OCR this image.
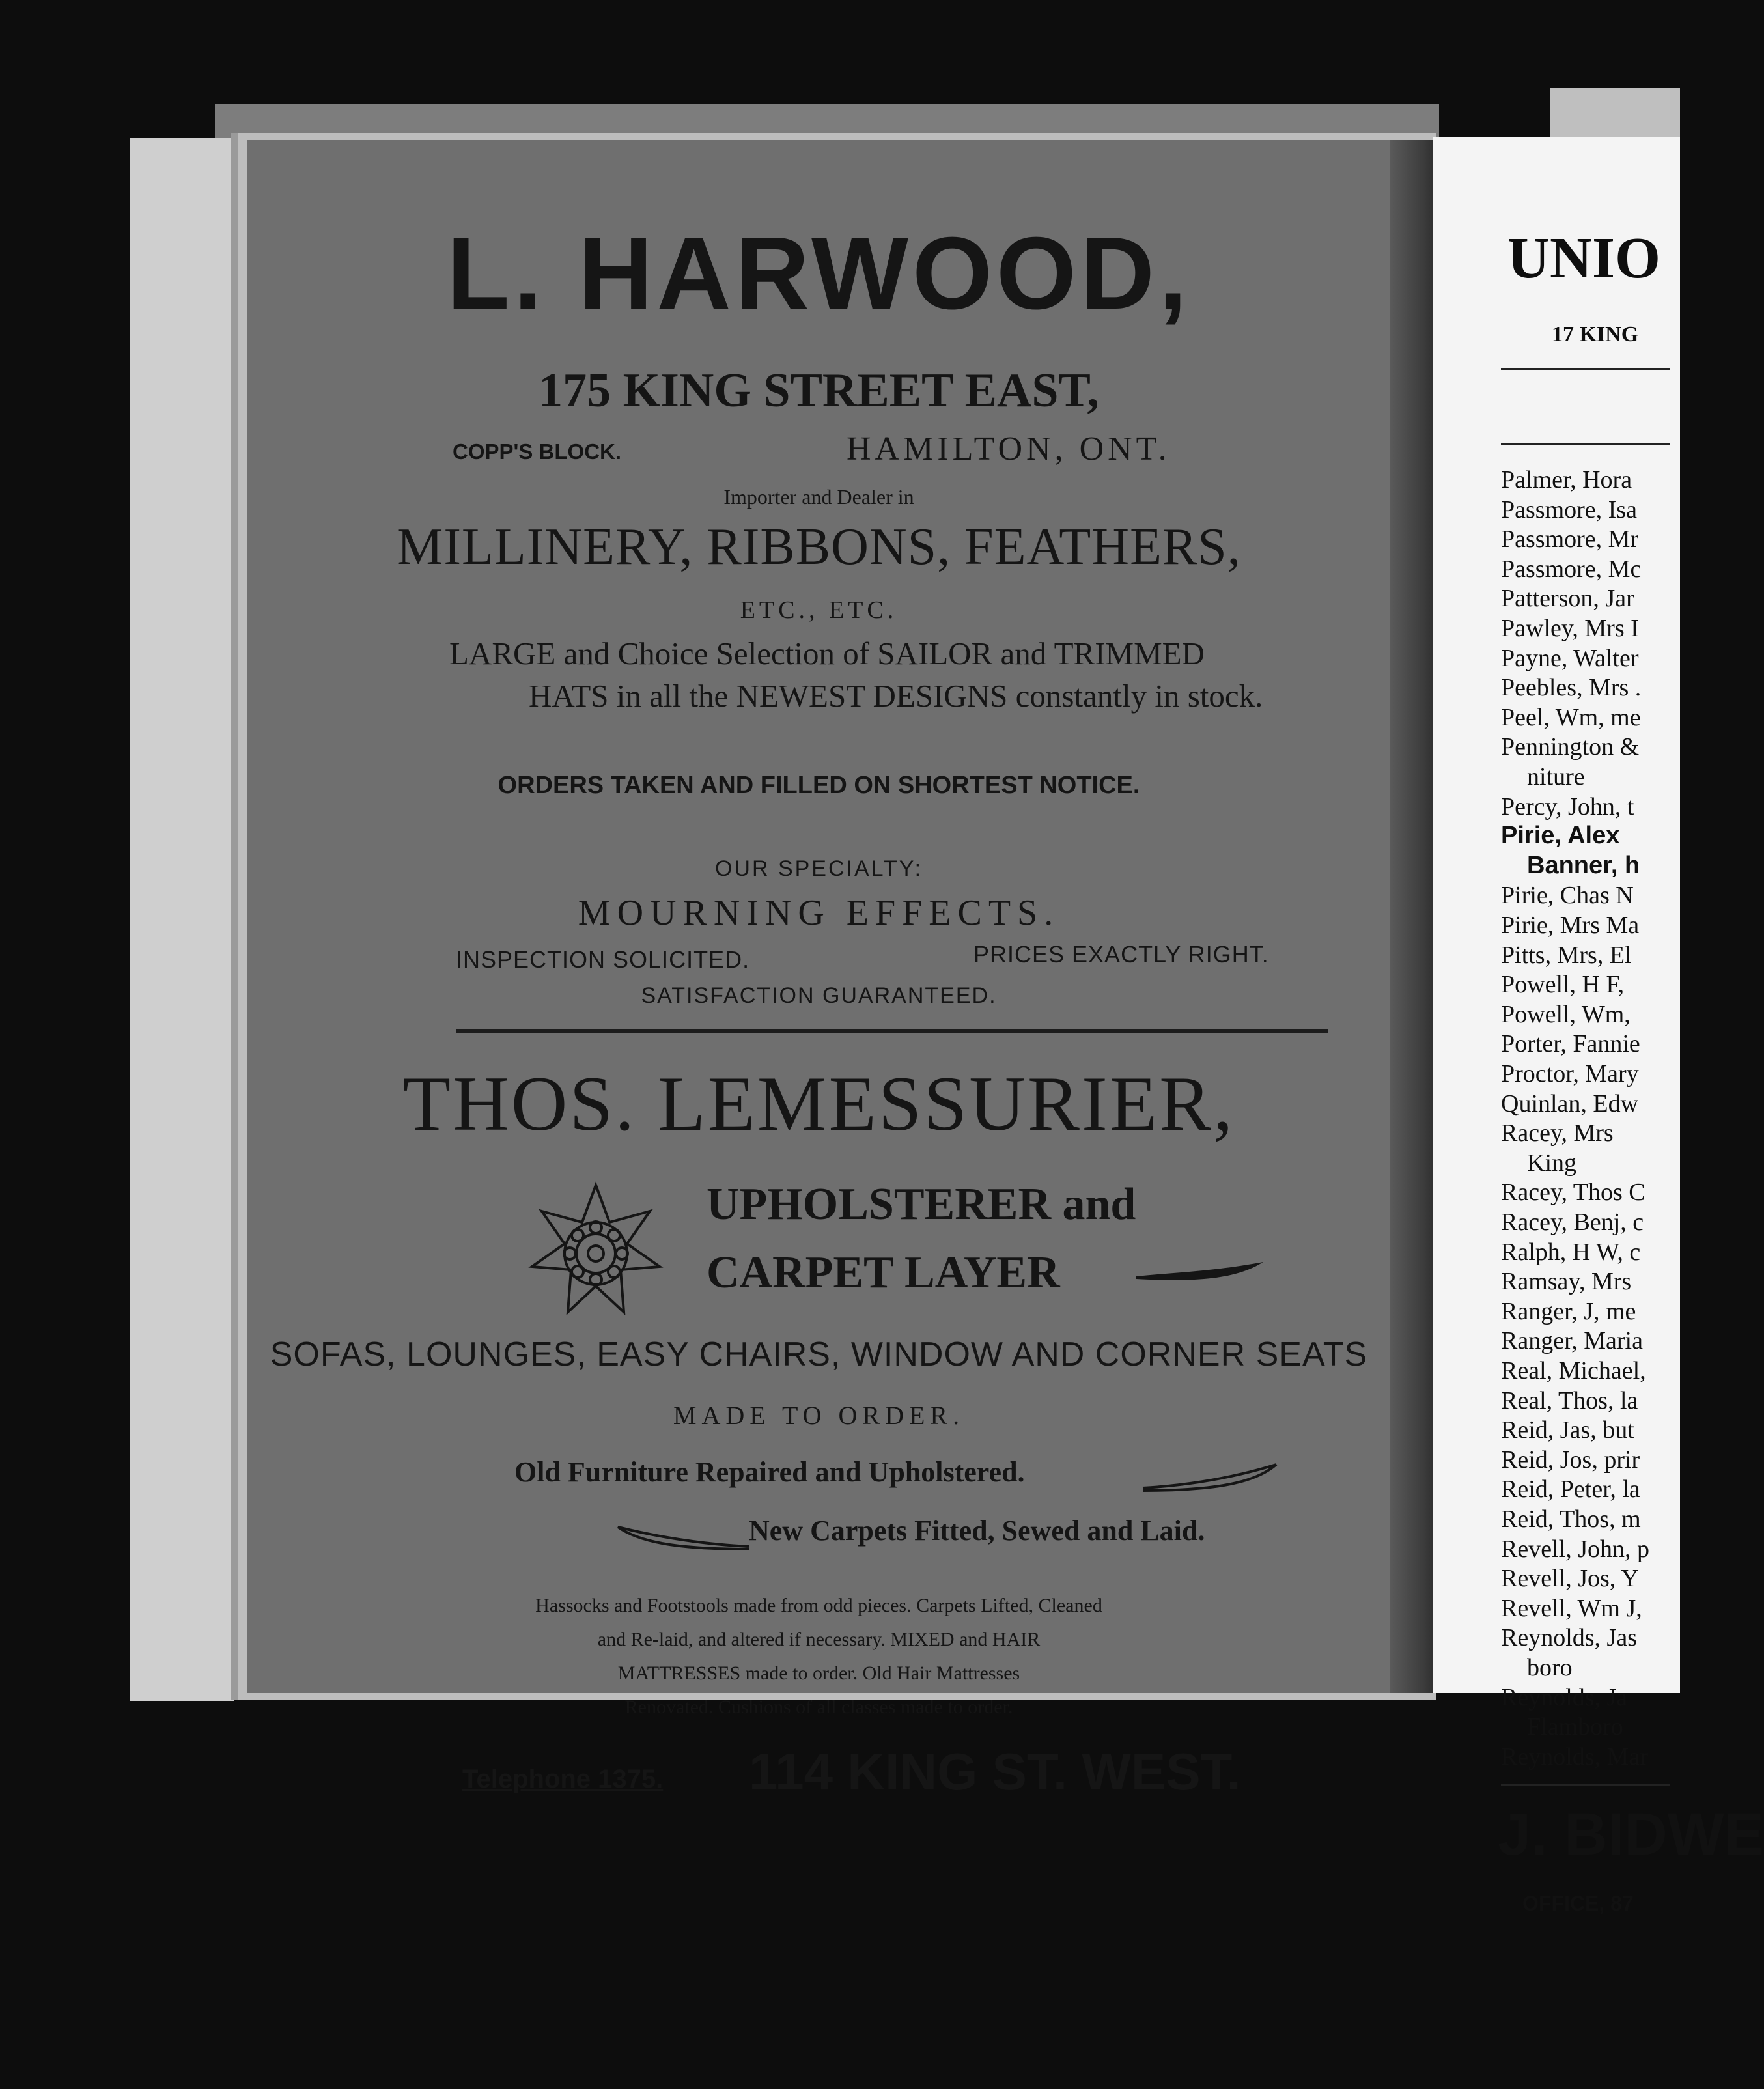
L. HARWOOD,
175 KING STREET EAST,
COPP'S BLOCK.	HAMILTON, ONT.
Importer and Dealer in
MILLINERY, RIBBONS, FEATHERS,
ETC., ETC.
LARGE and Choice Selection of SAILOR and TRIMMED
HATS in all the NEWEST DESIGNS constantly in stock.
ORDERS TAKEN AND FILLED ON SHORTEST NOTICE.
OUR SPECIALTY:
MOURNING EFFECTS.
INSPECTION SOLICITED.	PRICES EXACTLY RIGHT.
SATISFACTION GUARANTEED.
THOS. LEMESSURIER,
UPHOLSTERER and
CARPET LAYER
SOFAS, LOUNGES, EASY CHAIRS, WINDOW AND CORNER SEATS
MADE TO ORDER.
Old Furniture Repaired and Upholstered.
New Carpets Fitted, Sewed and Laid.
Hassocks and Footstools made from odd pieces. Carpets Lifted, Cleaned
and Re-laid, and altered if necessary. MIXED and HAIR
MATTRESSES made to order. Old Hair Mattresses
Renovated. Cushions of all classes made to order.
Telephone 1375. 114 KING ST. WEST.
UNIO
17 KING
Palmer, Hora
Passmore, Isa
Passmore, Mr
Passmore, Mc
Patterson, Jar
Pawley, Mrs I
Payne, Walter
Peebles, Mrs .
Peel, Wm, me
Pennington &
niture
Percy, John, t
Pirie, Alex
Banner, h
Pirie, Chas N
Pirie, Mrs Ma
Pitts, Mrs, El
Powell, H F,
Powell, Wm,
Porter, Fannie
Proctor, Mary
Quinlan, Edw
Racey, Mrs
King
Racey, Thos C
Racey, Benj, c
Ralph, H W, c
Ramsay, Mrs
Ranger, J, me
Ranger, Maria
Real, Michael,
Real, Thos, la
Reid, Jas, but
Reid, Jos, prir
Reid, Peter, la
Reid, Thos, m
Revell, John, p
Revell, Jos, Y
Revell, Wm J,
Reynolds, Jas
boro
Reynolds, Ja
Flamboro
Reynolds, Mar
J. BIDWE
OFFICE, 87
